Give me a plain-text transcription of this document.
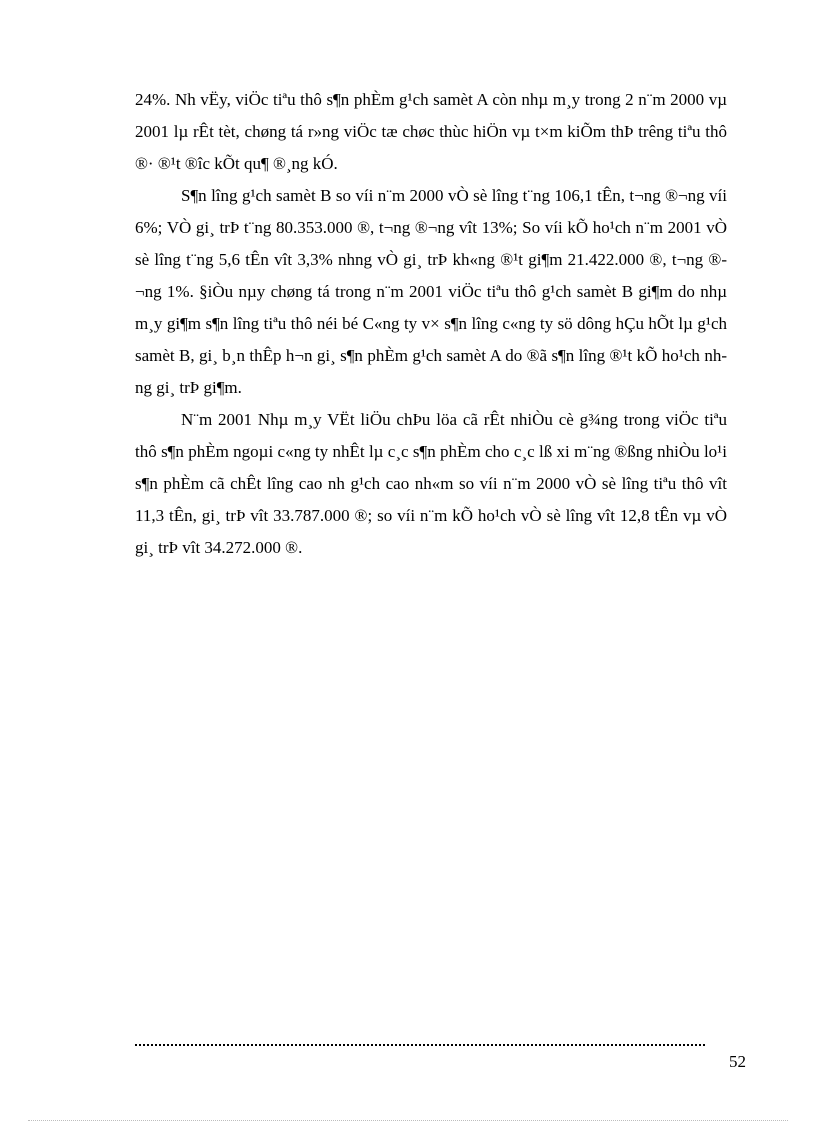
24%. Nh vËy, viÖc tiªu thô s¶n phÈm g¹ch samèt A còn nhµ m¸y trong 2 n¨m 2000 vµ 2001 lµ rÊt tèt, chøng tá r»ng viÖc tæ chøc thùc hiÖn vµ t×m kiÕm thÞ trêng tiªu thô ®· ®¹t ®îc kÕt qu¶ ®¸ng kÓ.

S¶n lîng g¹ch samèt B so víi n¨m 2000 vÒ sè lîng t¨ng 106,1 tÊn, t¬ng ®¬ng víi 6%; VÒ gi¸ trÞ t¨ng 80.353.000 ®, t¬ng ®¬ng vît 13%; So víi kÕ ho¹ch n¨m 2001 vÒ sè lîng t¨ng 5,6 tÊn vît 3,3% nhng vÒ gi¸ trÞ kh«ng ®¹t gi¶m 21.422.000 ®, t¬ng ®¬ng 1%. §iÒu nµy chøng tá trong n¨m 2001 viÖc tiªu thô g¹ch samèt B gi¶m do nhµ m¸y gi¶m s¶n lîng tiªu thô néi bé C«ng ty v× s¶n lîng c«ng ty sö dông hÇu hÕt lµ g¹ch samèt B, gi¸ b¸n thÊp h¬n gi¸ s¶n phÈm g¹ch samèt A do ®ã s¶n lîng ®¹t kÕ ho¹ch nhng gi¸ trÞ gi¶m.

N¨m 2001 Nhµ m¸y VËt liÖu chÞu löa cã rÊt nhiÒu cè g¾ng trong viÖc tiªu thô s¶n phÈm ngoµi c«ng ty nhÊt lµ c¸c s¶n phÈm cho c¸c lß xi m¨ng ®ßng nhiÒu lo¹i s¶n phÈm cã chÊt lîng cao nh g¹ch cao nh«m so víi n¨m 2000 vÒ sè lîng tiªu thô vît 11,3 tÊn, gi¸ trÞ vît 33.787.000 ®; so víi n¨m kÕ ho¹ch vÒ sè lîng vît 12,8 tÊn vµ vÒ gi¸ trÞ vît 34.272.000 ®.

52
